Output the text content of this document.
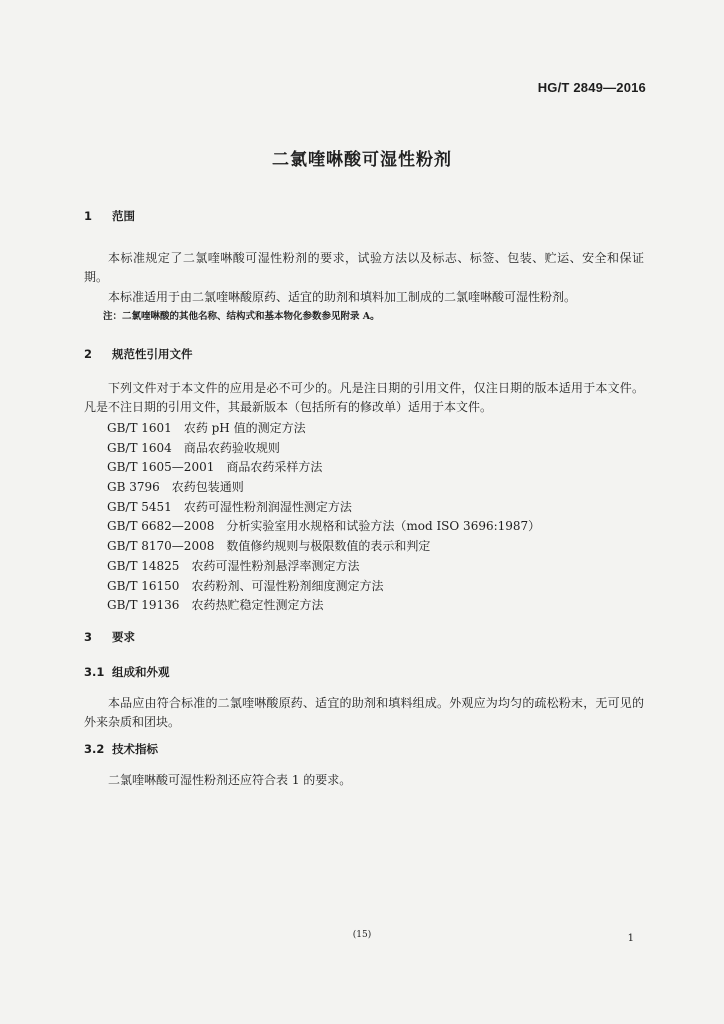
HG/T 2849—2016
二氯喹啉酸可湿性粉剂
1 范围
本标准规定了二氯喹啉酸可湿性粉剂的要求，试验方法以及标志、标签、包装、贮运、安全和保证期。
本标准适用于由二氯喹啉酸原药、适宜的助剂和填料加工制成的二氯喹啉酸可湿性粉剂。
注：二氯喹啉酸的其他名称、结构式和基本物化参数参见附录 A。
2 规范性引用文件
下列文件对于本文件的应用是必不可少的。凡是注日期的引用文件，仅注日期的版本适用于本文件。凡是不注日期的引用文件，其最新版本（包括所有的修改单）适用于本文件。
GB/T 1601 农药 pH 值的测定方法
GB/T 1604 商品农药验收规则
GB/T 1605—2001 商品农药采样方法
GB 3796 农药包装通则
GB/T 5451 农药可湿性粉剂润湿性测定方法
GB/T 6682—2008 分析实验室用水规格和试验方法（mod ISO 3696:1987）
GB/T 8170—2008 数值修约规则与极限数值的表示和判定
GB/T 14825 农药可湿性粉剂悬浮率测定方法
GB/T 16150 农药粉剂、可湿性粉剂细度测定方法
GB/T 19136 农药热贮稳定性测定方法
3 要求
3.1 组成和外观
本品应由符合标准的二氯喹啉酸原药、适宜的助剂和填料组成。外观应为均匀的疏松粉末，无可见的外来杂质和团块。
3.2 技术指标
二氯喹啉酸可湿性粉剂还应符合表 1 的要求。
(15)	1
